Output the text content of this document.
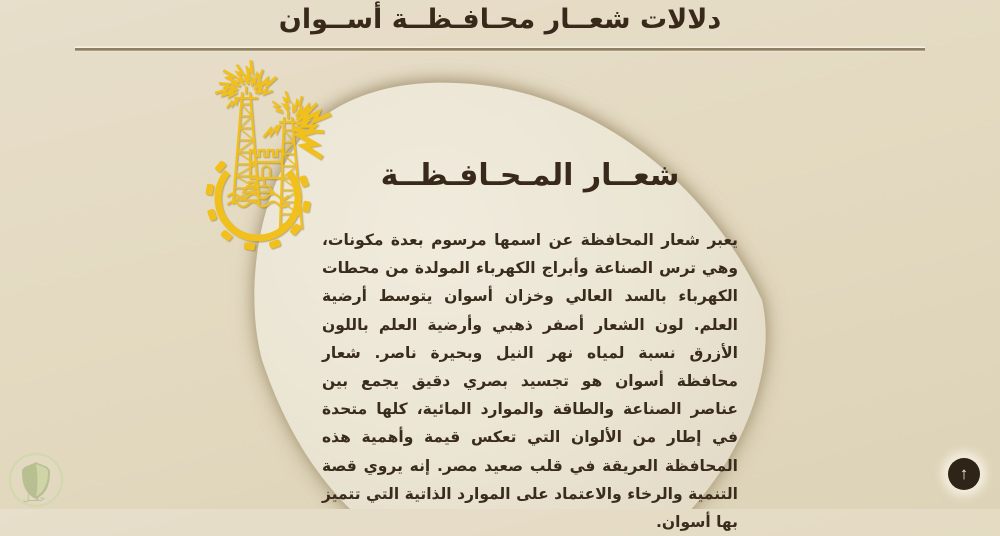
دلالات شعــار محـافـظــة أســوان
شعــار المـحـافـظــة

يعبر شعار المحافظة عن اسمها مرسوم بعدة مكونات، وهي ترس الصناعة وأبراج الكهرباء المولدة من محطات الكهرباء بالسد العالي وخزان أسوان يتوسط أرضية العلم. لون الشعار أصفر ذهبي وأرضية العلم باللون الأزرق نسبة لمياه نهر النيل وبحيرة ناصر. شعار محافظة أسوان هو تجسيد بصري دقيق يجمع بين عناصر الصناعة والطاقة والموارد المائية، كلها متحدة في إطار من الألوان التي تعكس قيمة وأهمية هذه المحافظة العريقة في قلب صعيد مصر. إنه يروي قصة التنمية والرخاء والاعتماد على الموارد الذاتية التي تتميز بها أسوان.

حقــل
↑
